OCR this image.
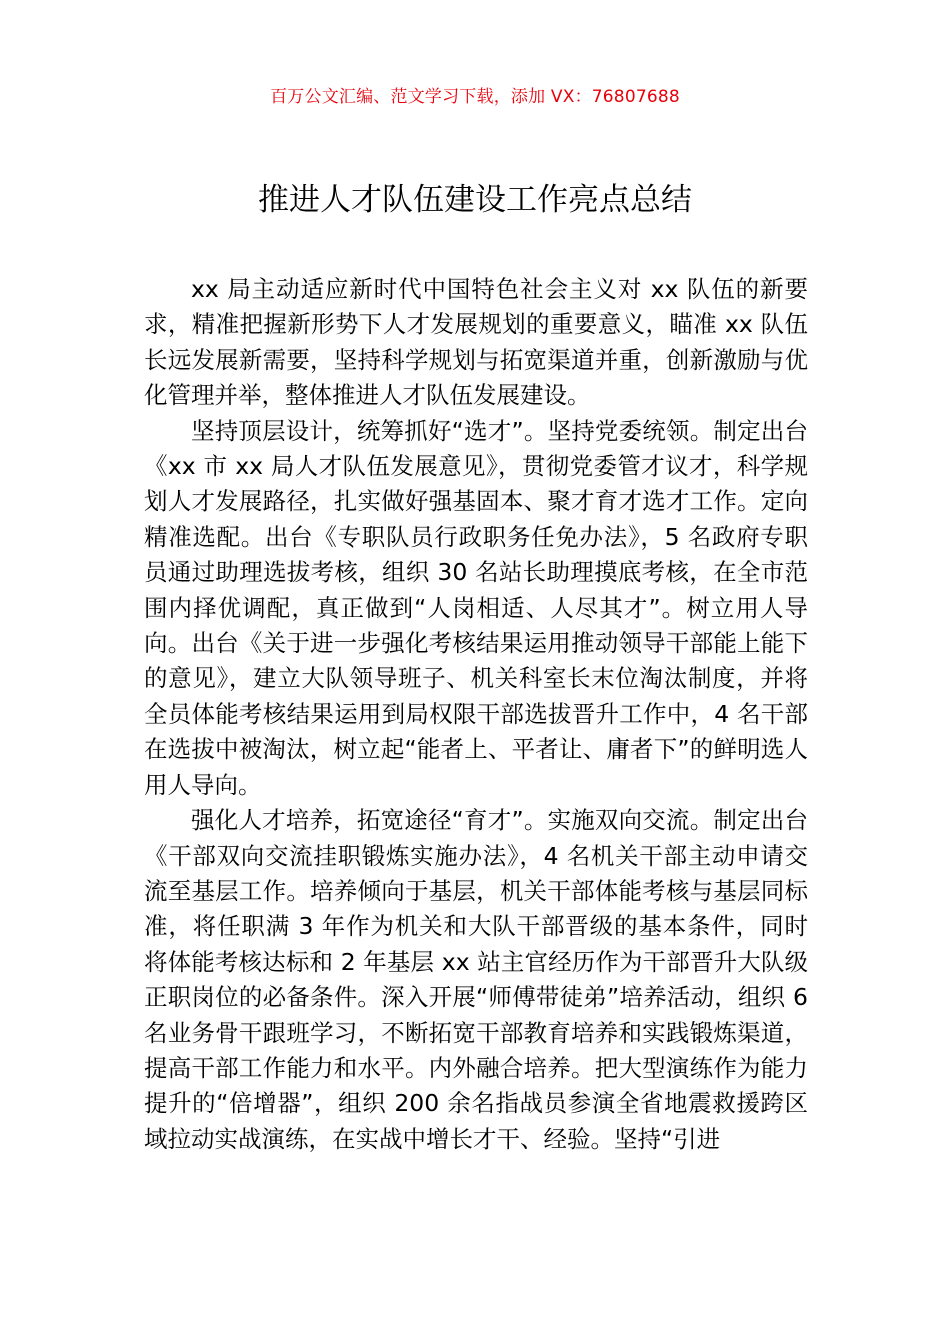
百万公文汇编、范文学习下载，添加 VX：76807688
推进人才队伍建设工作亮点总结

xx 局主动适应新时代中国特色社会主义对 xx 队伍的新要求，精准把握新形势下人才发展规划的重要意义，瞄准 xx 队伍长远发展新需要，坚持科学规划与拓宽渠道并重，创新激励与优化管理并举，整体推进人才队伍发展建设。

坚持顶层设计，统筹抓好“选才”。坚持党委统领。制定出台《xx 市 xx 局人才队伍发展意见》，贯彻党委管才议才，科学规划人才发展路径，扎实做好强基固本、聚才育才选才工作。定向精准选配。出台《专职队员行政职务任免办法》，5 名政府专职员通过助理选拔考核，组织 30 名站长助理摸底考核，在全市范围内择优调配，真正做到“人岗相适、人尽其才”。树立用人导向。出台《关于进一步强化考核结果运用推动领导干部能上能下的意见》，建立大队领导班子、机关科室长末位淘汰制度，并将全员体能考核结果运用到局权限干部选拔晋升工作中，4 名干部在选拔中被淘汰，树立起“能者上、平者让、庸者下”的鲜明选人用人导向。

强化人才培养，拓宽途径“育才”。实施双向交流。制定出台《干部双向交流挂职锻炼实施办法》，4 名机关干部主动申请交流至基层工作。培养倾向于基层，机关干部体能考核与基层同标准，将任职满 3 年作为机关和大队干部晋级的基本条件，同时将体能考核达标和 2 年基层 xx 站主官经历作为干部晋升大队级正职岗位的必备条件。深入开展“师傅带徒弟”培养活动，组织 6 名业务骨干跟班学习，不断拓宽干部教育培养和实践锻炼渠道，提高干部工作能力和水平。内外融合培养。把大型演练作为能力提升的“倍增器”，组织 200 余名指战员参演全省地震救援跨区域拉动实战演练，在实战中增长才干、经验。坚持“引进
